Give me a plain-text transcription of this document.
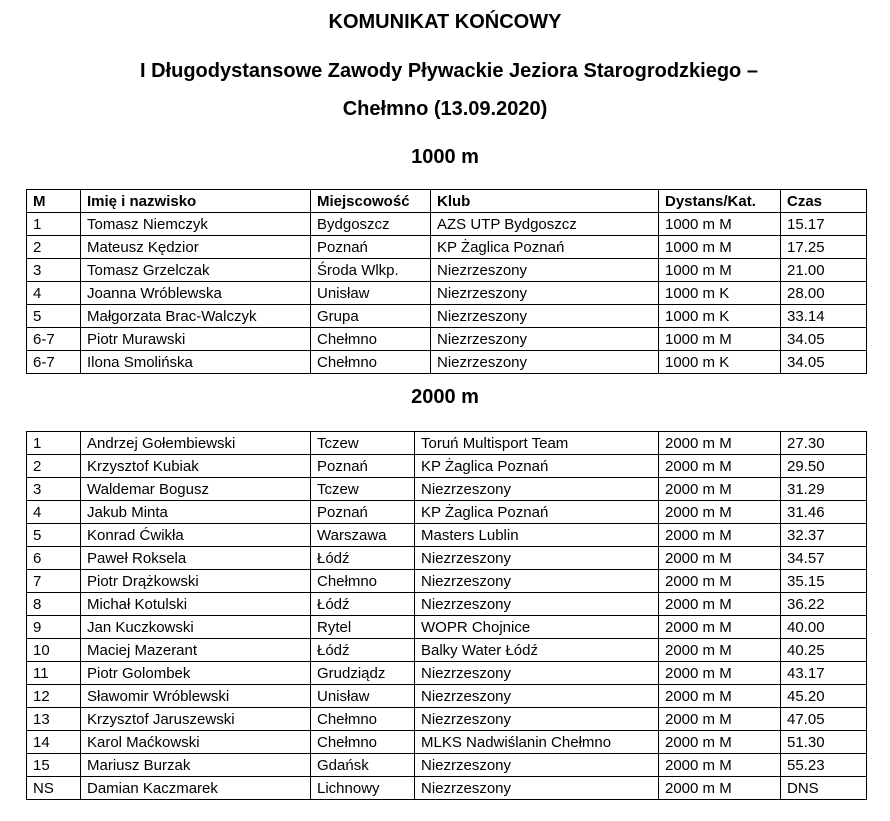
KOMUNIKAT KOŃCOWY
I Długodystansowe Zawody Pływackie Jeziora Starogrodzkiego –
Chełmno (13.09.2020)
1000 m
M	Imię i nazwisko	Miejscowość	Klub	Dystans/Kat.	Czas
1	Tomasz Niemczyk	Bydgoszcz	AZS UTP Bydgoszcz	1000 m M	15.17
2	Mateusz Kędzior	Poznań	KP Żaglica Poznań	1000 m M	17.25
3	Tomasz Grzelczak	Środa Wlkp.	Niezrzeszony	1000 m M	21.00
4	Joanna Wróblewska	Unisław	Niezrzeszony	1000 m K	28.00
5	Małgorzata Brac-Walczyk	Grupa	Niezrzeszony	1000 m K	33.14
6-7	Piotr Murawski	Chełmno	Niezrzeszony	1000 m M	34.05
6-7	Ilona Smolińska	Chełmno	Niezrzeszony	1000 m K	34.05
2000 m
1	Andrzej Gołembiewski	Tczew	Toruń Multisport Team	2000 m M	27.30
2	Krzysztof Kubiak	Poznań	KP Żaglica Poznań	2000 m M	29.50
3	Waldemar Bogusz	Tczew	Niezrzeszony	2000 m M	31.29
4	Jakub Minta	Poznań	KP Żaglica Poznań	2000 m M	31.46
5	Konrad Ćwikła	Warszawa	Masters Lublin	2000 m M	32.37
6	Paweł Roksela	Łódź	Niezrzeszony	2000 m M	34.57
7	Piotr Drążkowski	Chełmno	Niezrzeszony	2000 m M	35.15
8	Michał Kotulski	Łódź	Niezrzeszony	2000 m M	36.22
9	Jan Kuczkowski	Rytel	WOPR Chojnice	2000 m M	40.00
10	Maciej Mazerant	Łódź	Balky Water Łódź	2000 m M	40.25
11	Piotr Golombek	Grudziądz	Niezrzeszony	2000 m M	43.17
12	Sławomir Wróblewski	Unisław	Niezrzeszony	2000 m M	45.20
13	Krzysztof Jaruszewski	Chełmno	Niezrzeszony	2000 m M	47.05
14	Karol Maćkowski	Chełmno	MLKS Nadwiślanin Chełmno	2000 m M	51.30
15	Mariusz Burzak	Gdańsk	Niezrzeszony	2000 m M	55.23
NS	Damian Kaczmarek	Lichnowy	Niezrzeszony	2000 m M	DNS
